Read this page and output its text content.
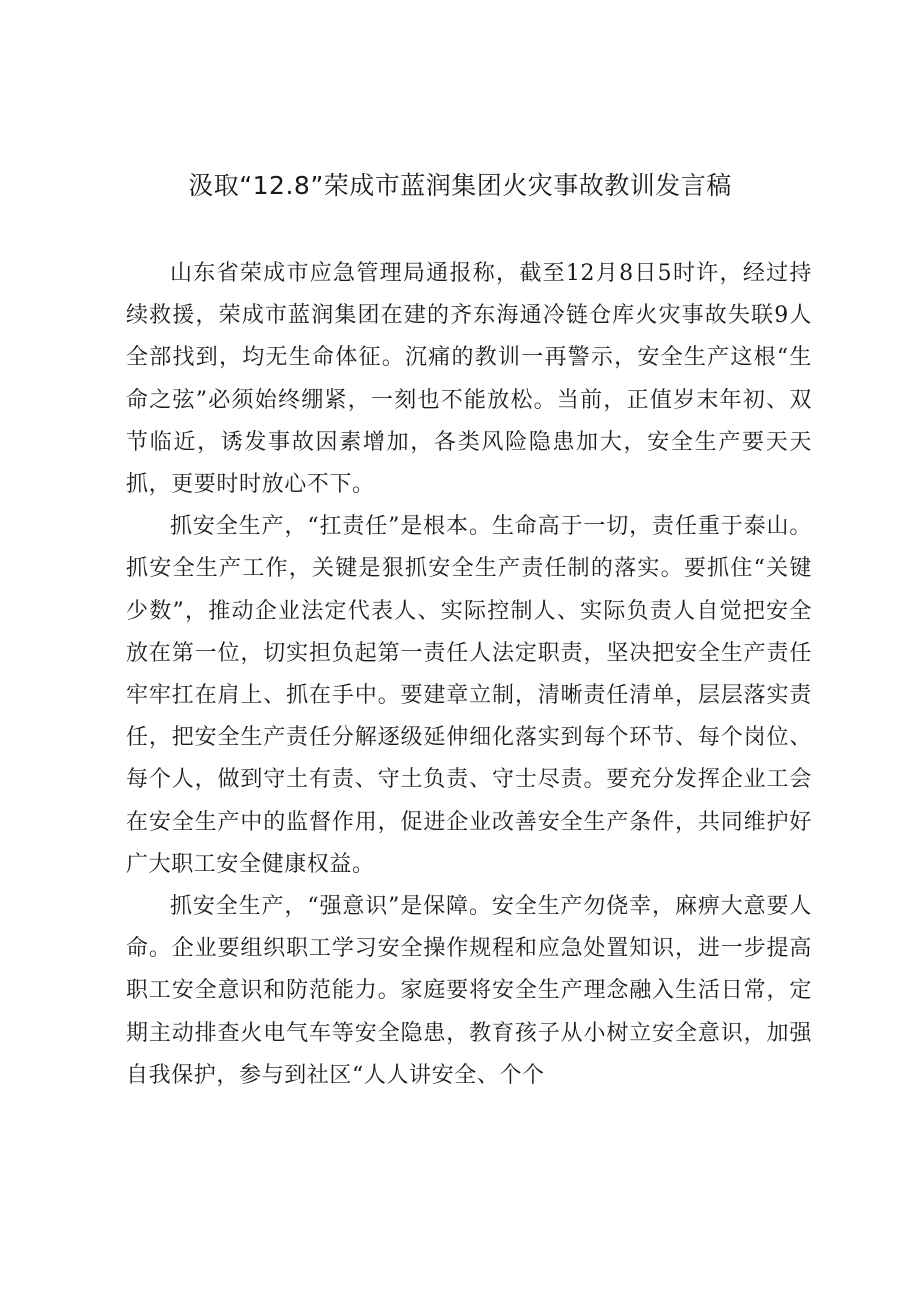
汲取“12.8”荣成市蓝润集团火灾事故教训发言稿

山东省荣成市应急管理局通报称，截至12月8日5时许，经过持续救援，荣成市蓝润集团在建的齐东海通冷链仓库火灾事故失联9人全部找到，均无生命体征。沉痛的教训一再警示，安全生产这根“生命之弦”必须始终绷紧，一刻也不能放松。当前，正值岁末年初、双节临近，诱发事故因素增加，各类风险隐患加大，安全生产要天天抓，更要时时放心不下。

抓安全生产，“扛责任”是根本。生命高于一切，责任重于泰山。抓安全生产工作，关键是狠抓安全生产责任制的落实。要抓住“关键少数”，推动企业法定代表人、实际控制人、实际负责人自觉把安全放在第一位，切实担负起第一责任人法定职责，坚决把安全生产责任牢牢扛在肩上、抓在手中。要建章立制，清晰责任清单，层层落实责任，把安全生产责任分解逐级延伸细化落实到每个环节、每个岗位、每个人，做到守土有责、守土负责、守士尽责。要充分发挥企业工会在安全生产中的监督作用，促进企业改善安全生产条件，共同维护好广大职工安全健康权益。

抓安全生产，“强意识”是保障。安全生产勿侥幸，麻痹大意要人命。企业要组织职工学习安全操作规程和应急处置知识，进一步提高职工安全意识和防范能力。家庭要将安全生产理念融入生活日常，定期主动排查火电气车等安全隐患，教育孩子从小树立安全意识，加强自我保护，参与到社区“人人讲安全、个个
